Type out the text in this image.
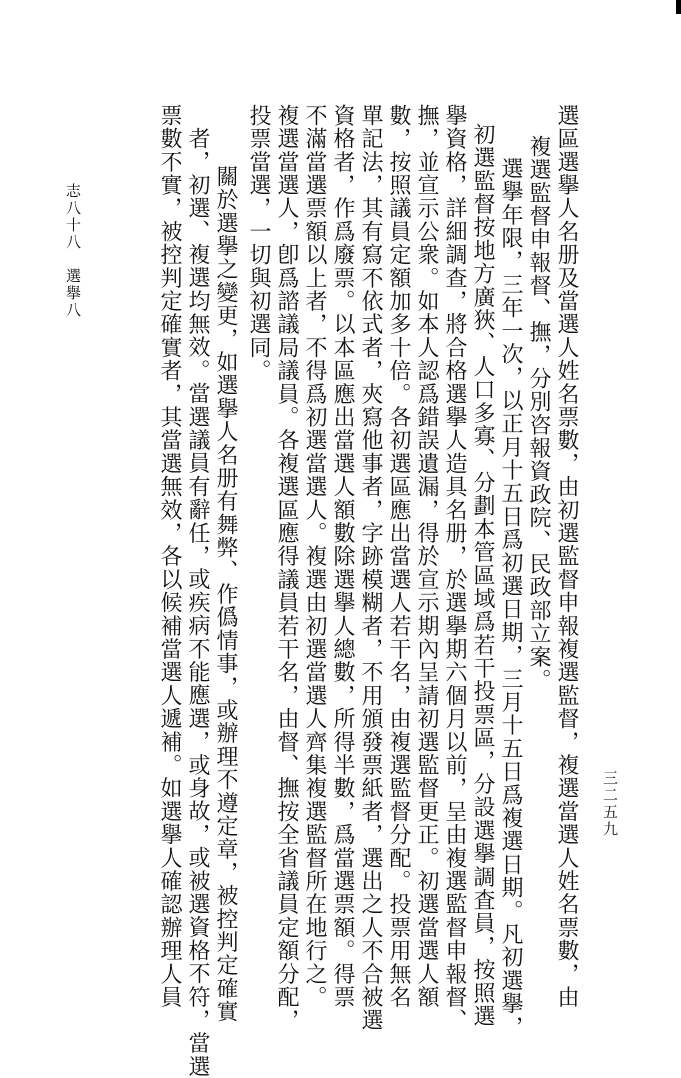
選區選擧人名册及當選人姓名票數，由初選監督申報複選監督，複選當選人姓名票數，由
複選監督申報督、撫，分別咨報資政院、民政部立案。
選擧年限，三年一次，以正月十五日爲初選日期，三月十五日爲複選日期。凡初選擧，
初選監督按地方廣狹、人口多寡、分劃本管區域爲若干投票區，分設選擧調査員，按照選
擧資格，詳細調查，將合格選擧人造具名册，於選擧期六個月以前，呈由複選監督申報督、
撫，並宣示公衆。如本人認爲錯誤遺漏，得於宣示期內呈請初選監督更正。初選當選人額
數，按照議員定額加多十倍。各初選區應出當選人若干名，由複選監督分配。投票用無名
單記法，其有寫不依式者，夾寫他事者，字跡模糊者，不用頒發票紙者，選出之人不合被選
資格者，作爲廢票。以本區應出當選人額數除選擧人總數，所得半數，爲當選票額。得票
不滿當選票額以上者，不得爲初選當選人。複選由初選當選人齊集複選監督所在地行之。
複選當選人，卽爲諮議局議員。各複選區應得議員若干名，由督、撫按全省議員定額分配，
投票當選，一切與初選同。
關於選擧之變更，如選擧人名册有舞弊、作僞情事，或辦理不遵定章，被控判定確實
者，初選、複選均無效。當選議員有辭任，或疾病不能應選，或身故，或被選資格不符，當選
票數不實，被控判定確實者，其當選無效，各以候補當選人遞補。如選擧人確認辦理人員
志八十八　選擧八
三二五九
